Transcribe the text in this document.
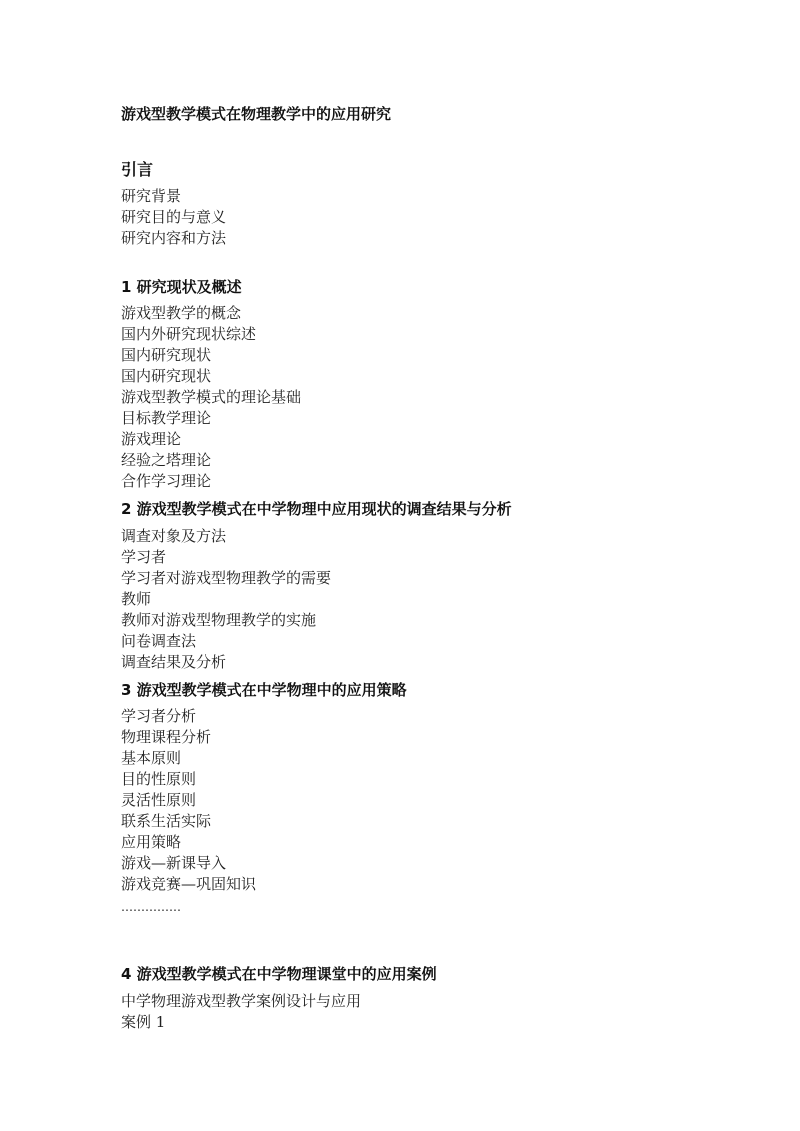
游戏型教学模式在物理教学中的应用研究
引言
研究背景
研究目的与意义
研究内容和方法
1 研究现状及概述
游戏型教学的概念
国内外研究现状综述
国内研究现状
国内研究现状
游戏型教学模式的理论基础
目标教学理论
游戏理论
经验之塔理论
合作学习理论
2 游戏型教学模式在中学物理中应用现状的调查结果与分析
调查对象及方法
学习者
学习者对游戏型物理教学的需要
教师
教师对游戏型物理教学的实施
问卷调查法
调查结果及分析
3 游戏型教学模式在中学物理中的应用策略
学习者分析
物理课程分析
基本原则
目的性原则
灵活性原则
联系生活实际
应用策略
游戏—新课导入
游戏竞赛—巩固知识
……………
4 游戏型教学模式在中学物理课堂中的应用案例
中学物理游戏型教学案例设计与应用
案例 1
